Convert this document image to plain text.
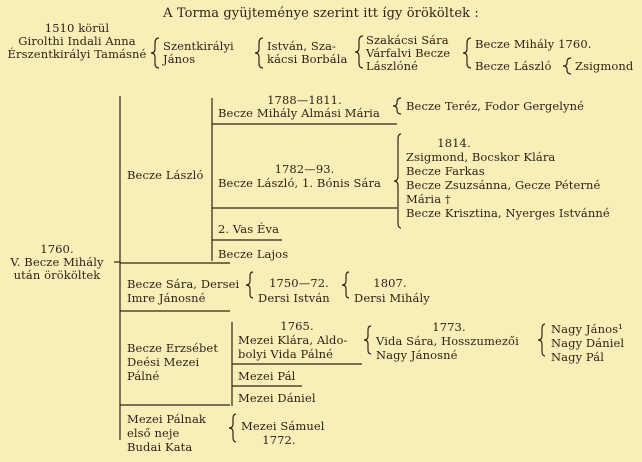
A Torma gyüjteménye szerint itt így örököltek :
1510 körül
Girolthi Indali Anna
Érszentkirályi Tamásné
Szentkirályi
János
István, Sza-
kácsi Borbála
Szakácsi Sára
Várfalvi Becze
Lászlóné
Becze Mihály 1760.
Becze László Zsigmond
1760.
V. Becze Mihály
után örököltek
Becze László
1788—1811.
Becze Mihály Almási Mária Becze Teréz, Fodor Gergelyné
1782—93.
Becze László, 1. Bónis Sára
1814.
Zsigmond, Bocskor Klára
Becze Farkas
Becze Zsuzsánna, Gecze Péterné
Mária †
Becze Krisztina, Nyerges Istvánné
2. Vas Éva
Becze Lajos
Becze Sára, Dersei
Imre Jánosné
1750—72.
Dersi István
1807.
Dersi Mihály
Becze Erzsébet
Deési Mezei
Pálné
1765.
Mezei Klára, Aldo-
bolyi Vida Pálné
1773.
Vida Sára, Hosszumezői
Nagy Jánosné
Nagy János¹
Nagy Dániel
Nagy Pál
Mezei Pál
Mezei Dániel
Mezei Pálnak
első neje
Budai Kata
Mezei Sámuel
1772.
